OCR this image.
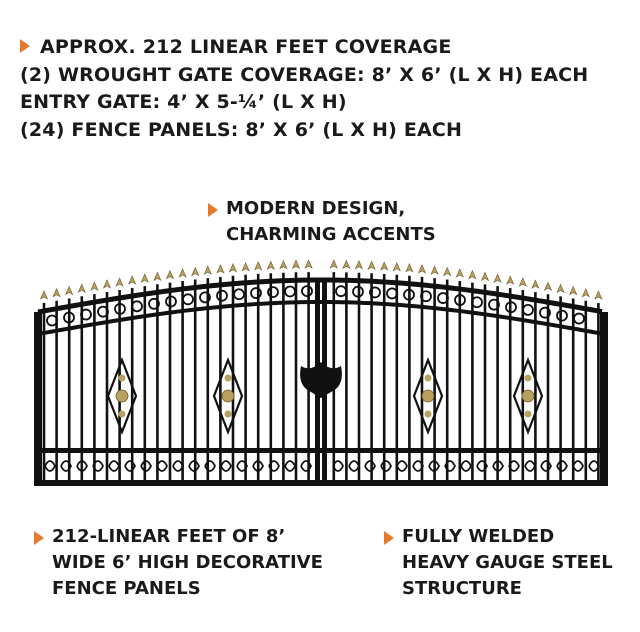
APPROX. 212 LINEAR FEET COVERAGE
(2) WROUGHT GATE COVERAGE: 8’ X 6’ (L X H) EACH
ENTRY GATE: 4’ X 5-¼’ (L X H)
(24) FENCE PANELS: 8’ X 6’ (L X H) EACH
MODERN DESIGN,
CHARMING ACCENTS
212-LINEAR FEET OF 8’
WIDE 6’ HIGH DECORATIVE
FENCE PANELS
FULLY WELDED
HEAVY GAUGE STEEL
STRUCTURE
